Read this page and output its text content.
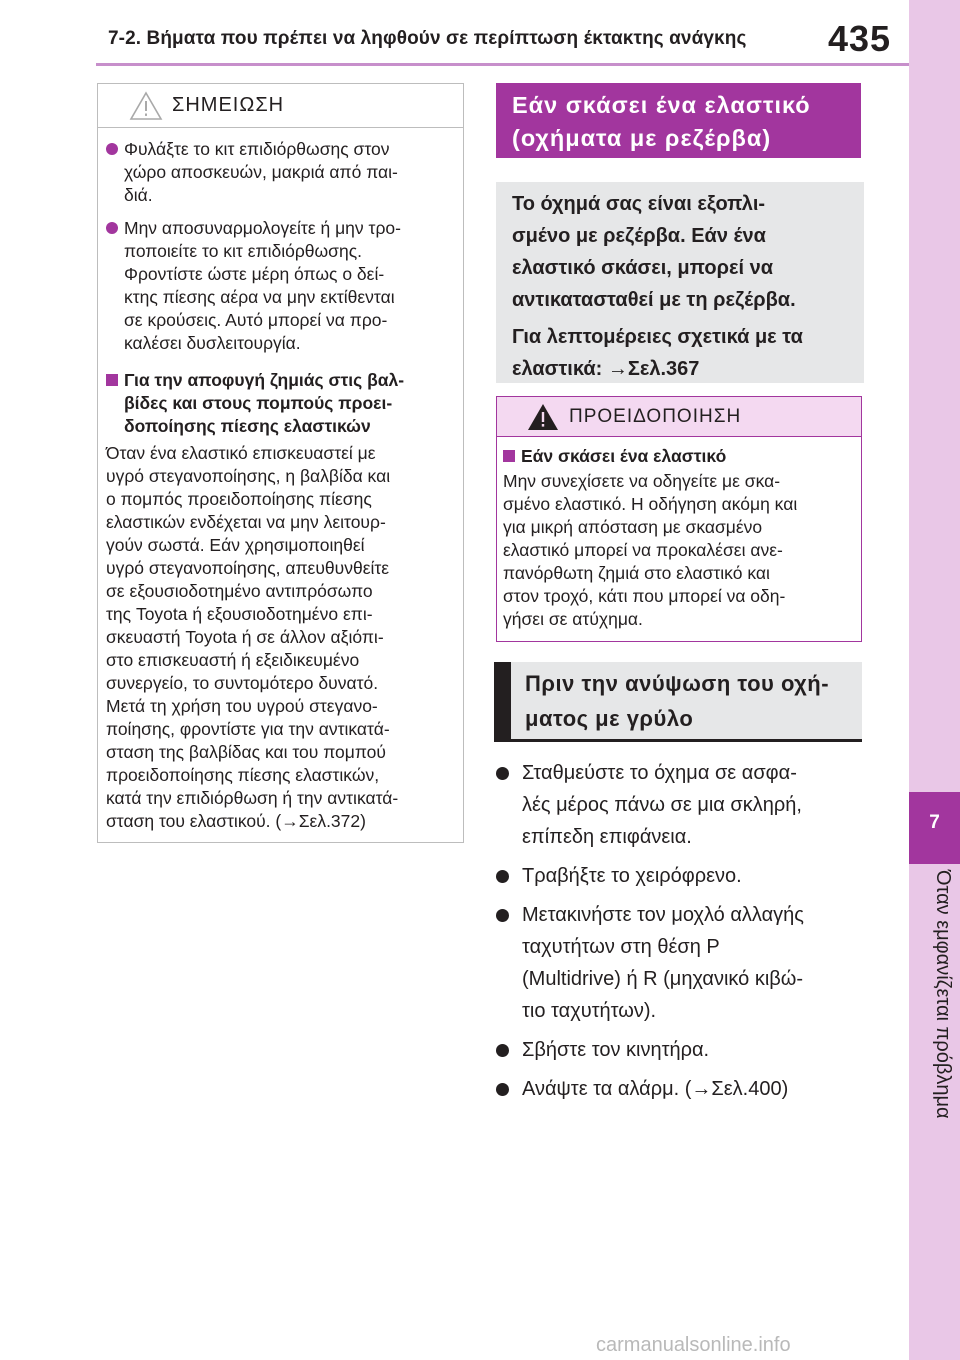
7-2. Βήματα που πρέπει να ληφθούν σε περίπτωση έκτακτης ανάγκης 435
7
Όταν εμφανίζεται πρόβλημα
ΣΗΜΕΙΩΣΗ
Φυλάξτε το κιτ επιδιόρθωσης στον
χώρο αποσκευών, μακριά από παι-
διά.
Μην αποσυναρμολογείτε ή μην τρο-
ποποιείτε το κιτ επιδιόρθωσης.
Φροντίστε ώστε μέρη όπως ο δεί-
κτης πίεσης αέρα να μην εκτίθενται
σε κρούσεις. Αυτό μπορεί να προ-
καλέσει δυσλειτουργία.
Για την αποφυγή ζημιάς στις βαλ-
βίδες και στους πομπούς προει-
δοποίησης πίεσης ελαστικών
Όταν ένα ελαστικό επισκευαστεί με
υγρό στεγανοποίησης, η βαλβίδα και
ο πομπός προειδοποίησης πίεσης
ελαστικών ενδέχεται να μην λειτουρ-
γούν σωστά. Εάν χρησιμοποιηθεί
υγρό στεγανοποίησης, απευθυνθείτε
σε εξουσιοδοτημένο αντιπρόσωπο
της Toyota ή εξουσιοδοτημένο επι-
σκευαστή Toyota ή σε άλλον αξιόπι-
στο επισκευαστή ή εξειδικευμένο
συνεργείο, το συντομότερο δυνατό.
Μετά τη χρήση του υγρού στεγανο-
ποίησης, φροντίστε για την αντικατά-
σταση της βαλβίδας και του πομπού
προειδοποίησης πίεσης ελαστικών,
κατά την επιδιόρθωση ή την αντικατά-
σταση του ελαστικού. (→Σελ.372)
Εάν σκάσει ένα ελαστικό
(οχήματα με ρεζέρβα)

Το όχημά σας είναι εξοπλι-
σμένο με ρεζέρβα. Εάν ένα
ελαστικό σκάσει, μπορεί να
αντικατασταθεί με τη ρεζέρβα.

Για λεπτομέρειες σχετικά με τα
ελαστικά: →Σελ.367

ΠΡΟΕΙΔΟΠΟΙΗΣΗ
Εάν σκάσει ένα ελαστικό
Μην συνεχίσετε να οδηγείτε με σκα-
σμένο ελαστικό. Η οδήγηση ακόμη και
για μικρή απόσταση με σκασμένο
ελαστικό μπορεί να προκαλέσει ανε-
πανόρθωτη ζημιά στο ελαστικό και
στον τροχό, κάτι που μπορεί να οδη-
γήσει σε ατύχημα.
Πριν την ανύψωση του οχή-
ματος με γρύλο
Σταθμεύστε το όχημα σε ασφα-
λές μέρος πάνω σε μια σκληρή,
επίπεδη επιφάνεια.
Τραβήξτε το χειρόφρενο.
Μετακινήστε τον μοχλό αλλαγής
ταχυτήτων στη θέση P
(Multidrive) ή R (μηχανικό κιβώ-
τιο ταχυτήτων).
Σβήστε τον κινητήρα.
Ανάψτε τα αλάρμ. (→Σελ.400)
carmanualsonline.info
